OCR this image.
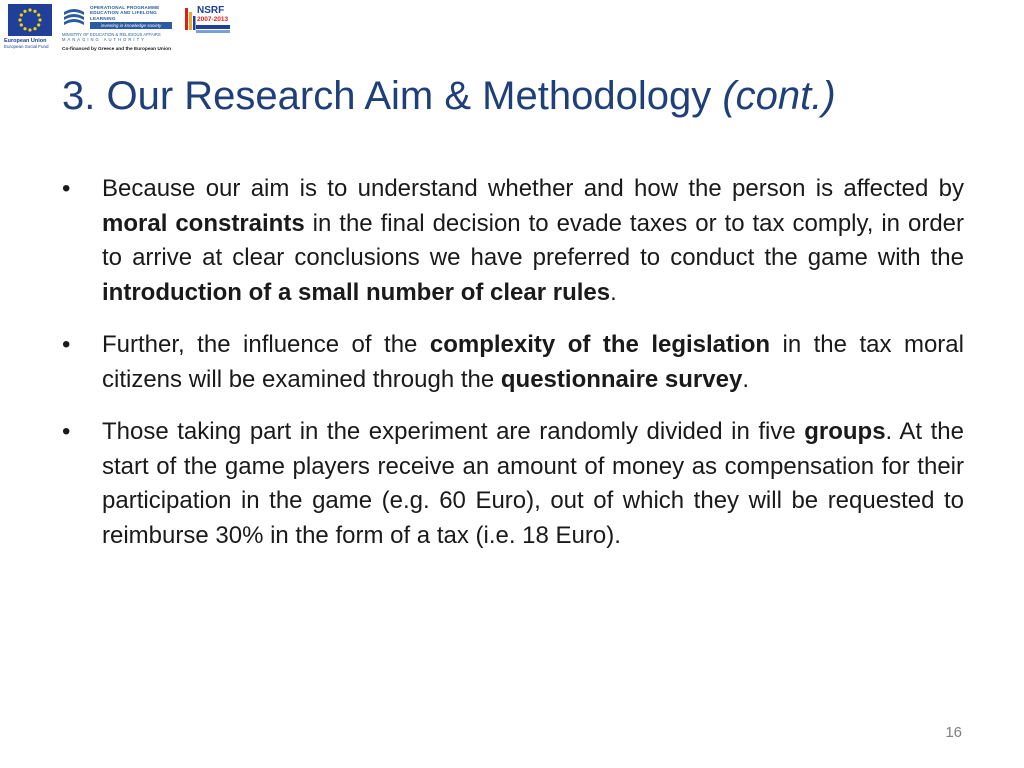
European Union
European Social Fund
OPERATIONAL PROGRAMME EDUCATION AND LIFELONG LEARNING
investing in knowledge society
MINISTRY OF EDUCATION & RELIGIOUS AFFAIRS
MANAGING AUTHORITY
NSRF
2007-2013
Co-financed by Greece and the European Union
3. Our Research Aim & Methodology (cont.)
•	Because our aim is to understand whether and how the person is affected by moral constraints in the final decision to evade taxes or to tax comply, in order to arrive at clear conclusions we have preferred to conduct the game with the introduction of a small number of clear rules.
•	Further, the influence of the complexity of the legislation in the tax moral citizens will be examined through the questionnaire survey.
•	Those taking part in the experiment are randomly divided in five groups. At the start of the game players receive an amount of money as compensation for their participation in the game (e.g. 60 Euro), out of which they will be requested to reimburse 30% in the form of a tax (i.e. 18 Euro).
16
